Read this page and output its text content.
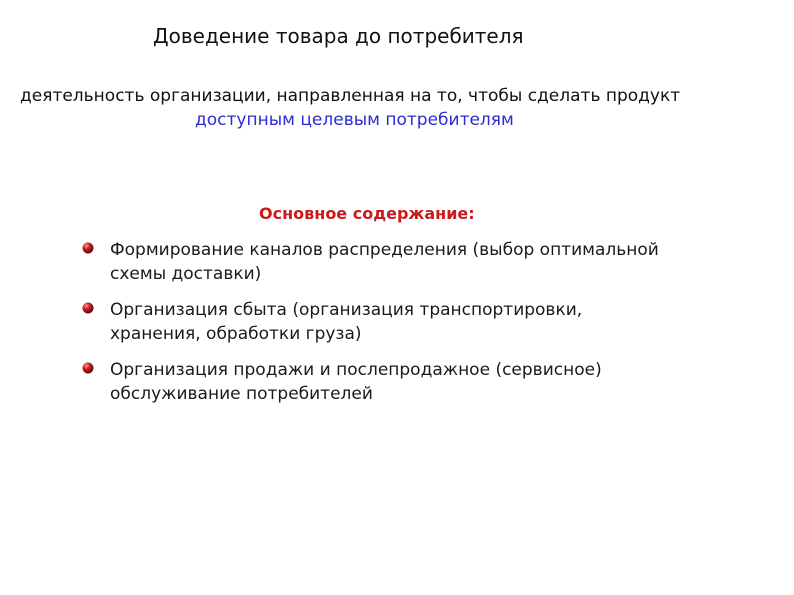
Доведение товара до потребителя
деятельность организации, направленная на то, чтобы сделать продукт
доступным целевым потребителям
Основное содержание:
Формирование каналов распределения (выбор оптимальной
схемы доставки)
Организация сбыта (организация транспортировки,
хранения, обработки груза)
Организация продажи и послепродажное (сервисное)
обслуживание потребителей
